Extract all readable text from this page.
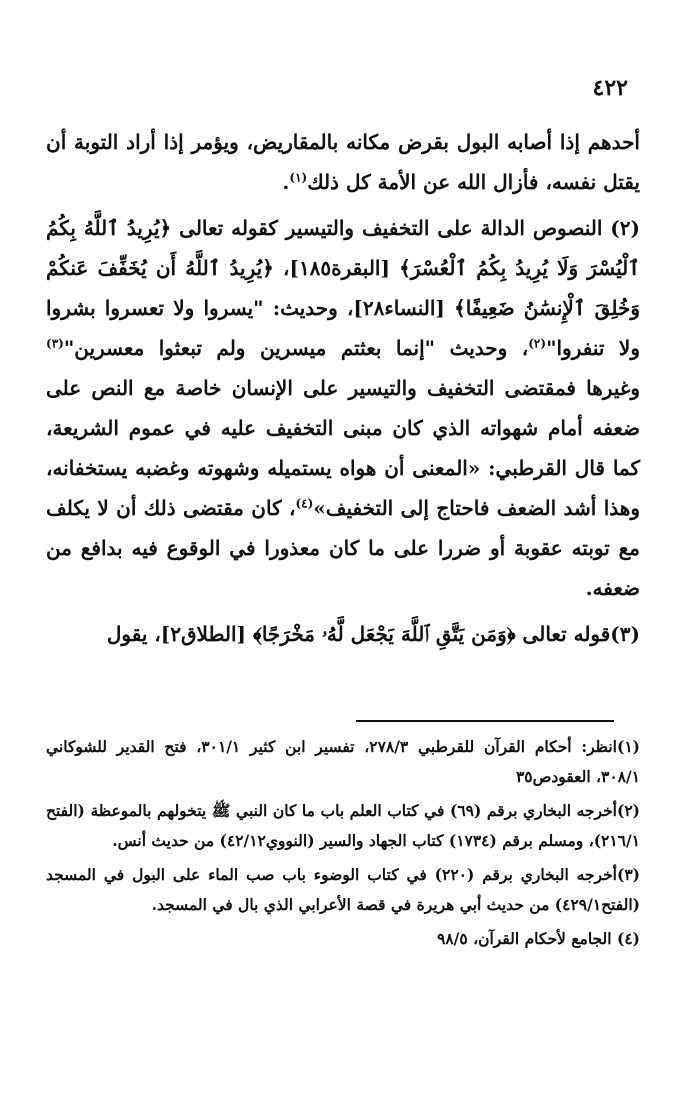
٤٢٢

أحدهم إذا أصابه البول بقرض مكانه بالمقاريض، ويؤمر إذا أراد التوبة أن يقتل نفسه، فأزال الله عن الأمة كل ذلك$^{(١)}$.

(٢) النصوص الدالة على التخفيف والتيسير كقوله تعالى ﴿يُرِيدُ ٱللَّهُ بِكُمُ ٱلْيُسْرَ وَلَا يُرِيدُ بِكُمُ ٱلْعُسْرَ﴾ [البقرة١٨٥]، ﴿يُرِيدُ ٱللَّهُ أَن يُخَفِّفَ عَنكُمْ وَخُلِقَ ٱلْإِنسَٰنُ ضَعِيفًا﴾ [النساء٢٨]، وحديث: "يسروا ولا تعسروا بشروا ولا تنفروا"$^{(٢)}$، وحديث "إنما بعثتم ميسرين ولم تبعثوا معسرين"$^{(٣)}$ وغيرها فمقتضى التخفيف والتيسير على الإنسان خاصة مع النص على ضعفه أمام شهواته الذي كان مبنى التخفيف عليه في عموم الشريعة، كما قال القرطبي: «المعنى أن هواه يستميله وشهوته وغضبه يستخفانه، وهذا أشد الضعف فاحتاج إلى التخفيف»$^{(٤)}$، كان مقتضى ذلك أن لا يكلف مع توبته عقوبة أو ضررا على ما كان معذورا في الوقوع فيه بدافع من ضعفه.

(٣)قوله تعالى ﴿وَمَن يَتَّقِ ٱللَّهَ يَجْعَل لَّهُۥ مَخْرَجًا﴾ [الطلاق٢]، يقول

(١)انظر: أحكام القرآن للقرطبي ٢٧٨/٣، تفسير ابن كثير ٣٠١/١، فتح القدير للشوكاني ٣٠٨/١، العقودص٣٥

(٢)أخرجه البخاري برقم (٦٩) في كتاب العلم باب ما كان النبي ﷺ يتخولهم بالموعظة (الفتح ٢١٦/١)، ومسلم برقم (١٧٣٤) كتاب الجهاد والسير (النووي٤٢/١٢) من حديث أنس.

(٣)أخرجه البخاري برقم (٢٢٠) في كتاب الوضوء باب صب الماء على البول في المسجد (الفتح٤٢٩/١) من حديث أبي هريرة في قصة الأعرابي الذي بال في المسجد.

(٤) الجامع لأحكام القرآن، ٩٨/٥
